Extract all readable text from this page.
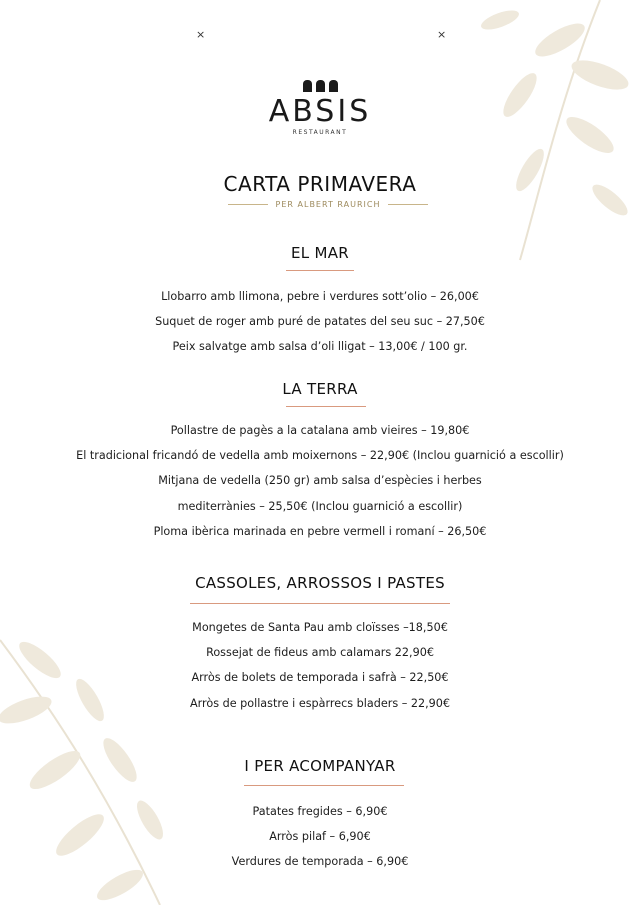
×	×
ABSIS
RESTAURANT
CARTA PRIMAVERA
PER ALBERT RAURICH
EL MAR
Llobarro amb llimona, pebre i verdures sott’olio – 26,00€
Suquet de roger amb puré de patates del seu suc – 27,50€
Peix salvatge amb salsa d’oli lligat – 13,00€ / 100 gr.
LA TERRA
Pollastre de pagès a la catalana amb vieires – 19,80€
El tradicional fricandó de vedella amb moixernons – 22,90€ (Inclou guarnició a escollir)
Mitjana de vedella (250 gr) amb salsa d’espècies i herbes
mediterrànies – 25,50€ (Inclou guarnició a escollir)
Ploma ibèrica marinada en pebre vermell i romaní – 26,50€
CASSOLES, ARROSSOS I PASTES
Mongetes de Santa Pau amb cloïsses –18,50€
Rossejat de fideus amb calamars 22,90€
Arròs de bolets de temporada i safrà – 22,50€
Arròs de pollastre i espàrrecs bladers – 22,90€
I PER ACOMPANYAR
Patates fregides – 6,90€
Arròs pilaf – 6,90€
Verdures de temporada – 6,90€
